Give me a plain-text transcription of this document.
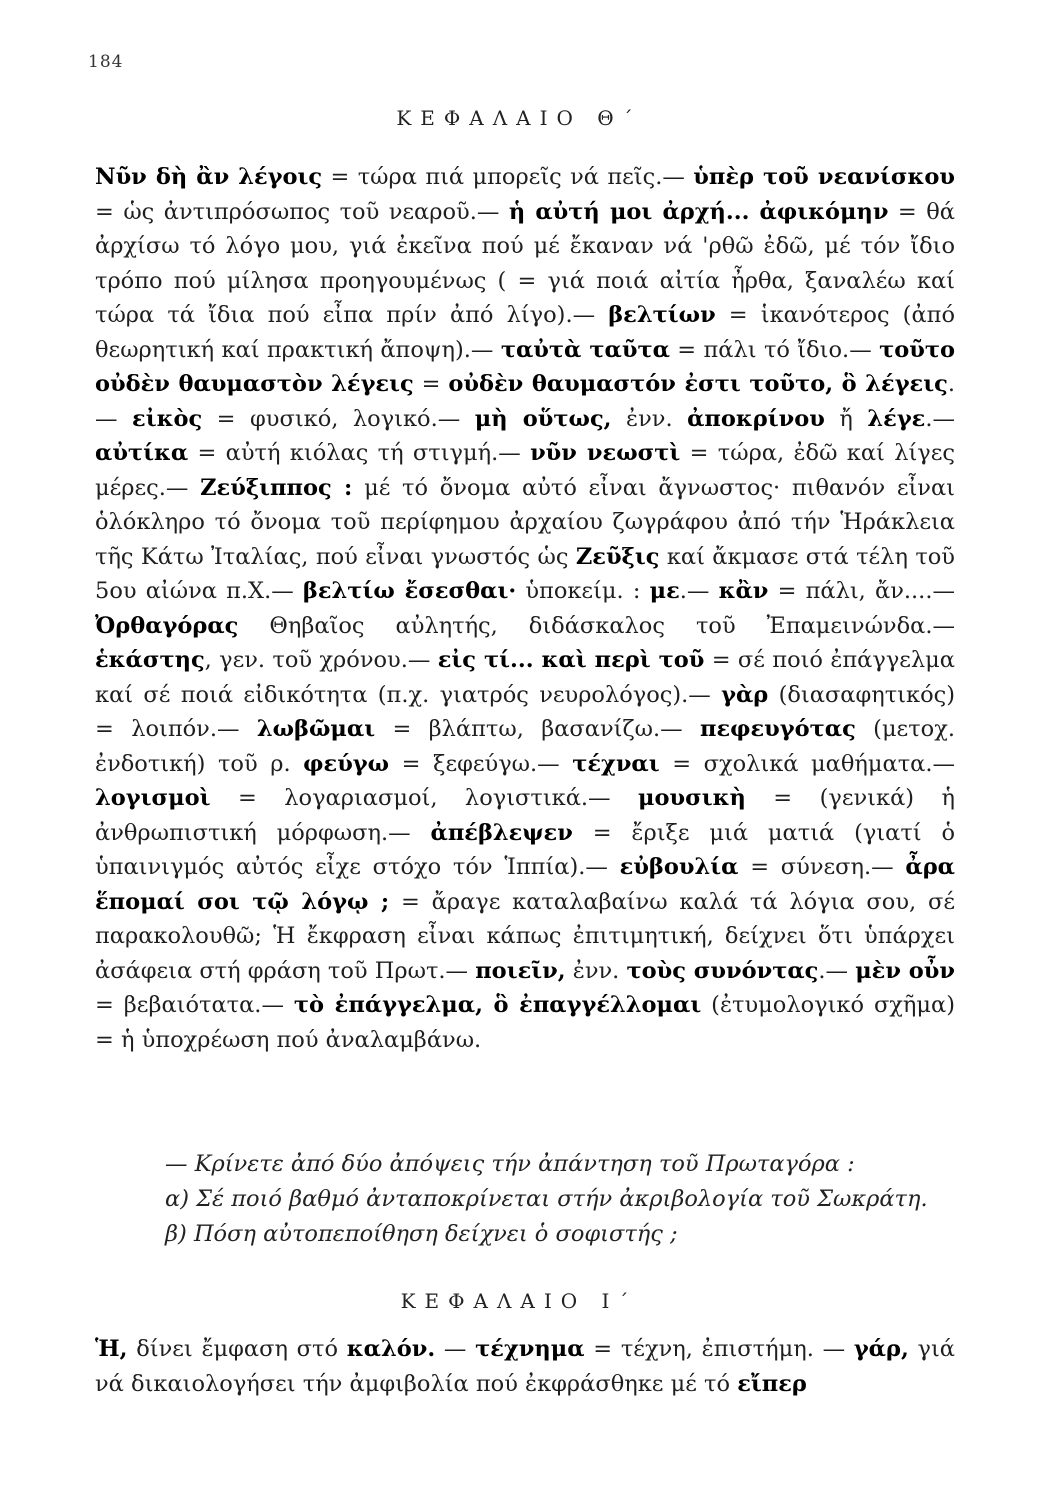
184
ΚΕΦΑΛΑΙΟ Θ΄
Νῦν δὴ ἂν λέγοις = τώρα πιά μπορεῖς νά πεῖς.— ὑπὲρ τοῦ νεανίσκου = ὡς ἀντιπρόσωπος τοῦ νεαροῦ.— ἡ αὐτή μοι ἀρχή... ἀφικόμην = θά ἀρχίσω τό λόγο μου, γιά ἐκεῖνα πού μέ ἔκαναν νά 'ρθῶ ἐδῶ, μέ τόν ἴδιο τρόπο πού μίλησα προηγουμένως ( = γιά ποιά αἰτία ἦρθα, ξαναλέω καί τώρα τά ἴδια πού εἶπα πρίν ἀπό λίγο).— βελτίων = ἱκανότερος (ἀπό θεωρητική καί πρακτική ἄποψη).— ταὐτὰ ταῦτα = πάλι τό ἴδιο.— τοῦτο οὐδὲν θαυμαστὸν λέγεις = οὐδὲν θαυμαστόν ἐστι τοῦτο, ὃ λέγεις.— εἰκὸς = φυσικό, λογικό.— μὴ οὕτως, ἐνν. ἀποκρίνου ἤ λέγε.— αὐτίκα = αὐτή κιόλας τή στιγμή.— νῦν νεωστὶ = τώρα, ἐδῶ καί λίγες μέρες.— Ζεύξιππος : μέ τό ὄνομα αὐτό εἶναι ἄγνωστος· πιθανόν εἶναι ὁλόκληρο τό ὄνομα τοῦ περίφημου ἀρχαίου ζωγράφου ἀπό τήν Ἡράκλεια τῆς Κάτω Ἰταλίας, πού εἶναι γνωστός ὡς Ζεῦξις καί ἄκμασε στά τέλη τοῦ 5ου αἰώνα π.Χ.— βελτίω ἔσεσθαι· ὑποκείμ. : με.— κἂν = πάλι, ἄν....— Ὀρθαγόρας Θηβαῖος αὐλητής, διδάσκαλος τοῦ Ἐπαμεινώνδα.— ἑκάστης, γεν. τοῦ χρόνου.— εἰς τί... καὶ περὶ τοῦ = σέ ποιό ἐπάγγελμα καί σέ ποιά εἰδικότητα (π.χ. γιατρός νευρολόγος).— γὰρ (διασαφητικός) = λοιπόν.— λωβῶμαι = βλάπτω, βασανίζω.— πεφευγότας (μετοχ. ἐνδοτική) τοῦ ρ. φεύγω = ξεφεύγω.— τέχναι = σχολικά μαθήματα.— λογισμοὶ = λογαριασμοί, λογιστικά.— μουσικὴ = (γενικά) ἡ ἀνθρωπιστική μόρφωση.— ἀπέβλεψεν = ἔριξε μιά ματιά (γιατί ὁ ὑπαινιγμός αὐτός εἶχε στόχο τόν Ἱππία).— εὐβουλία = σύνεση.— ἆρα ἕπομαί σοι τῷ λόγῳ ; = ἄραγε καταλαβαίνω καλά τά λόγια σου, σέ παρακολουθῶ; Ἡ ἔκφραση εἶναι κάπως ἐπιτιμητική, δείχνει ὅτι ὑπάρχει ἀσάφεια στή φράση τοῦ Πρωτ.— ποιεῖν, ἐνν. τοὺς συνόντας.— μὲν οὖν = βεβαιότατα.— τὸ ἐπάγγελμα, ὃ ἐπαγγέλλομαι (ἐτυμολογικό σχῆμα) = ἡ ὑποχρέωση πού ἀναλαμβάνω.
— Κρίνετε ἀπό δύο ἀπόψεις τήν ἀπάντηση τοῦ Πρωταγόρα :
α) Σέ ποιό βαθμό ἀνταποκρίνεται στήν ἀκριβολογία τοῦ Σωκράτη.
β) Πόση αὐτοπεποίθηση δείχνει ὁ σοφιστής ;
ΚΕΦΑΛΑΙΟ Ι΄
Ἡ, δίνει ἔμφαση στό καλόν. — τέχνημα = τέχνη, ἐπιστήμη. — γάρ, γιά νά δικαιολογήσει τήν ἀμφιβολία πού ἐκφράσθηκε μέ τό εἴπερ
